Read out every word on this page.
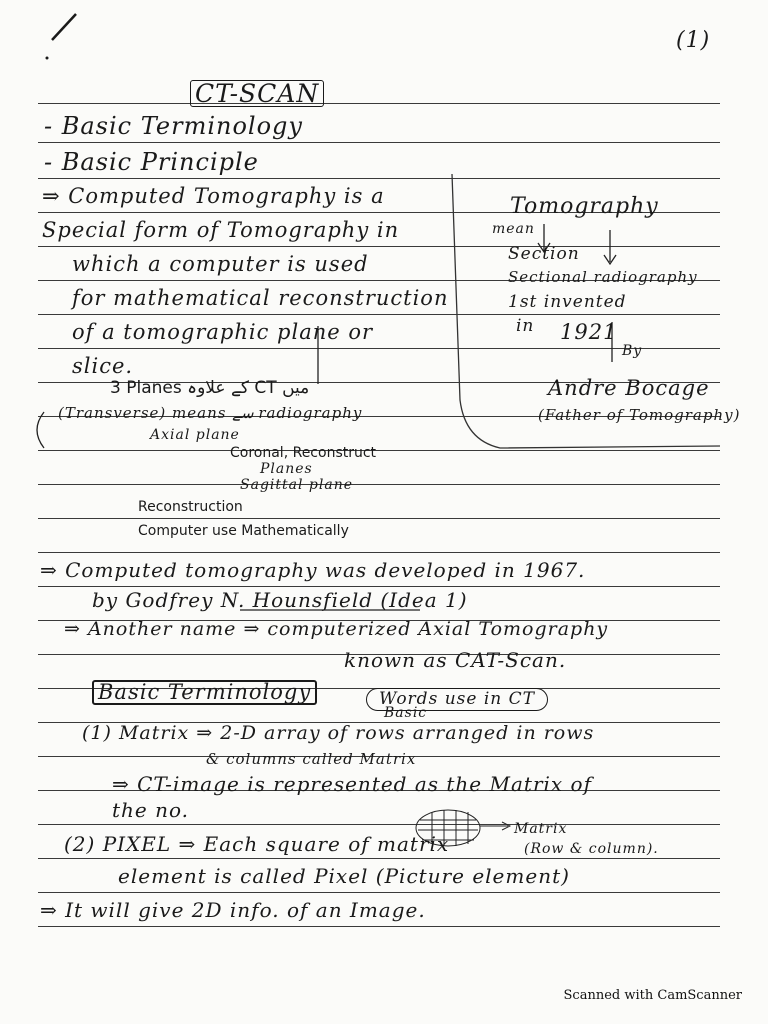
(1)
CT-SCAN
- Basic Terminology
- Basic Principle
⇒ Computed Tomography is a
Special form of Tomography in
which a computer is used
for mathematical reconstruction
of a tomographic plane or
slice.
Tomography
mean
Section
Sectional radiography
1st invented
in 1921
By
Andre Bocage
(Father of Tomography)
3 Planes کے علاوہ CT میں
(Transverse) means سے radiography
Axial plane
Coronal, Reconstruct
Planes
Sagittal plane
Reconstruction
Computer use Mathematically
⇒ Computed tomography was developed in 1967.
by Godfrey N. Hounsfield (Idea 1)
⇒ Another name ⇒ computerized Axial Tomography
known as CAT-Scan.
Basic Terminology	Words use in CT
Basic
(1) Matrix ⇒ 2-D array of rows arranged in rows
& columns called Matrix
⇒ CT-image is represented as the Matrix of
the no.
(2) PIXEL ⇒ Each square of matrix
Matrix
(Row & column).
element is called Pixel (Picture element)
⇒ It will give 2D info. of an Image.
Scanned with CamScanner
